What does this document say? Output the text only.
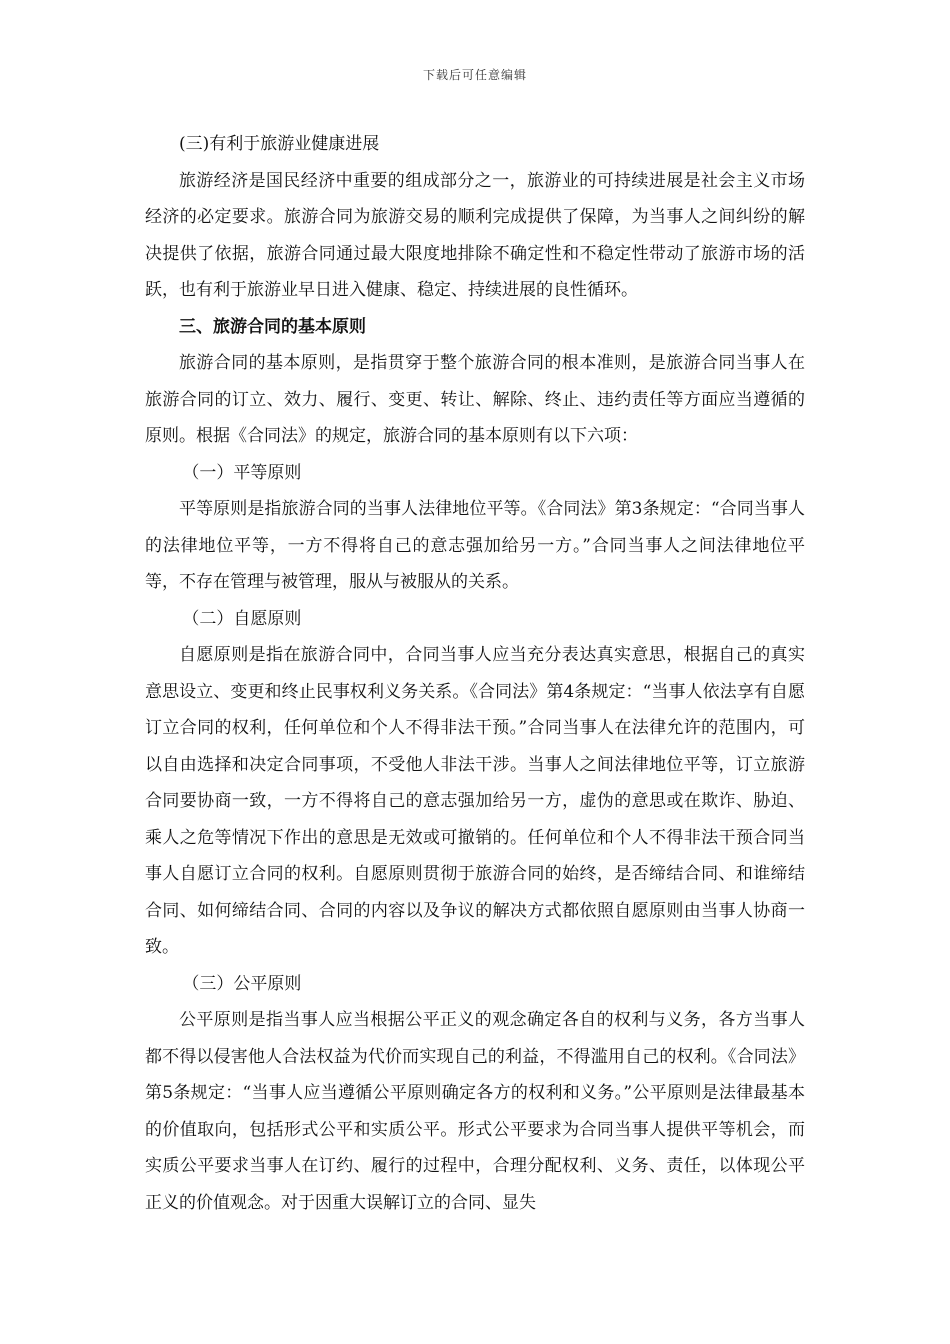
下载后可任意编辑

(三)有利于旅游业健康进展

旅游经济是国民经济中重要的组成部分之一，旅游业的可持续进展是社会主义市场经济的必定要求。旅游合同为旅游交易的顺利完成提供了保障，为当事人之间纠纷的解决提供了依据，旅游合同通过最大限度地排除不确定性和不稳定性带动了旅游市场的活跃，也有利于旅游业早日进入健康、稳定、持续进展的良性循环。

三、旅游合同的基本原则

旅游合同的基本原则，是指贯穿于整个旅游合同的根本准则，是旅游合同当事人在旅游合同的订立、效力、履行、变更、转让、解除、终止、违约责任等方面应当遵循的原则。根据《合同法》的规定，旅游合同的基本原则有以下六项：

（一）平等原则

平等原则是指旅游合同的当事人法律地位平等。《合同法》第3条规定：“合同当事人的法律地位平等，一方不得将自己的意志强加给另一方。”合同当事人之间法律地位平等，不存在管理与被管理，服从与被服从的关系。

（二）自愿原则

自愿原则是指在旅游合同中，合同当事人应当充分表达真实意思，根据自己的真实意思设立、变更和终止民事权利义务关系。《合同法》第4条规定：“当事人依法享有自愿订立合同的权利，任何单位和个人不得非法干预。”合同当事人在法律允许的范围内，可以自由选择和决定合同事项，不受他人非法干涉。当事人之间法律地位平等，订立旅游合同要协商一致，一方不得将自己的意志强加给另一方，虚伪的意思或在欺诈、胁迫、乘人之危等情况下作出的意思是无效或可撤销的。任何单位和个人不得非法干预合同当事人自愿订立合同的权利。自愿原则贯彻于旅游合同的始终，是否缔结合同、和谁缔结合同、如何缔结合同、合同的内容以及争议的解决方式都依照自愿原则由当事人协商一致。

（三）公平原则

公平原则是指当事人应当根据公平正义的观念确定各自的权利与义务，各方当事人都不得以侵害他人合法权益为代价而实现自己的利益，不得滥用自己的权利。《合同法》第5条规定：“当事人应当遵循公平原则确定各方的权利和义务。”公平原则是法律最基本的价值取向，包括形式公平和实质公平。形式公平要求为合同当事人提供平等机会，而实质公平要求当事人在订约、履行的过程中，合理分配权利、义务、责任，以体现公平正义的价值观念。对于因重大误解订立的合同、显失
